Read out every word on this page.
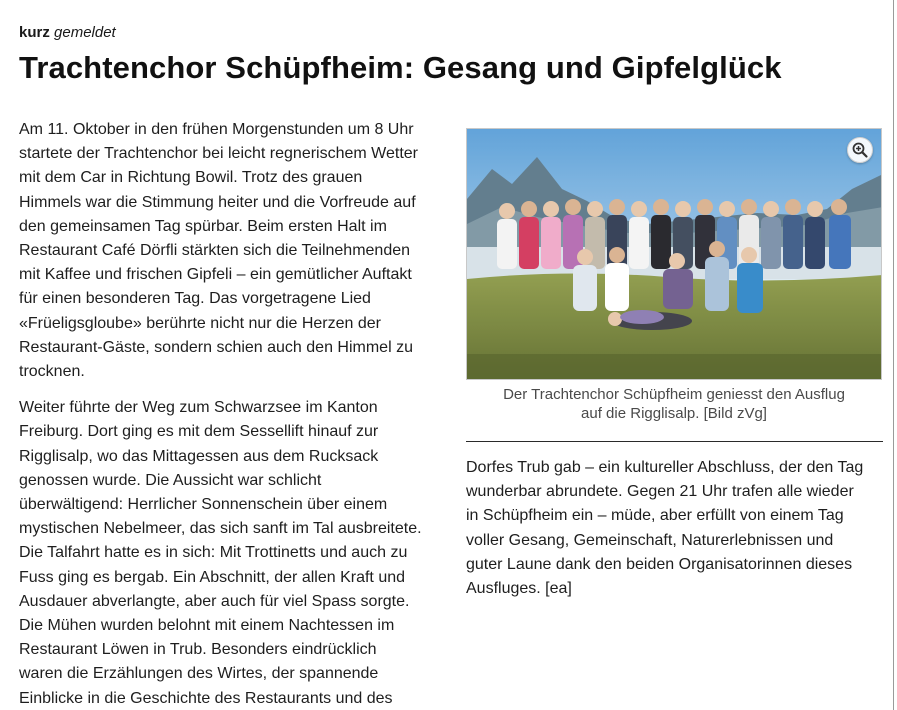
kurz gemeldet
Trachtenchor Schüpfheim: Gesang und Gipfelglück

Am 11. Oktober in den frühen Morgenstunden um 8 Uhr
startete der Trachtenchor bei leicht regnerischem Wetter
mit dem Car in Richtung Bowil. Trotz des grauen
Himmels war die Stimmung heiter und die Vorfreude auf
den gemeinsamen Tag spürbar. Beim ersten Halt im
Restaurant Café Dörfli stärkten sich die Teilnehmenden
mit Kaffee und frischen Gipfeli – ein gemütlicher Auftakt
für einen besonderen Tag. Das vorgetragene Lied
«Früeligsgloube» berührte nicht nur die Herzen der
Restaurant-Gäste, sondern schien auch den Himmel zu
trocknen.

Weiter führte der Weg zum Schwarzsee im Kanton
Freiburg. Dort ging es mit dem Sessellift hinauf zur
Rigglisalp, wo das Mittagessen aus dem Rucksack
genossen wurde. Die Aussicht war schlicht
überwältigend: Herrlicher Sonnenschein über einem
mystischen Nebelmeer, das sich sanft im Tal ausbreitete.
Die Talfahrt hatte es in sich: Mit Trottinetts und auch zu
Fuss ging es bergab. Ein Abschnitt, der allen Kraft und
Ausdauer abverlangte, aber auch für viel Spass sorgte.
Die Mühen wurden belohnt mit einem Nachtessen im
Restaurant Löwen in Trub. Besonders eindrücklich
waren die Erzählungen des Wirtes, der spannende
Einblicke in die Geschichte des Restaurants und des

Der Trachtenchor Schüpfheim geniesst den Ausflug
auf die Rigglisalp. [Bild zVg]

Dorfes Trub gab – ein kultureller Abschluss, der den Tag
wunderbar abrundete. Gegen 21 Uhr trafen alle wieder
in Schüpfheim ein – müde, aber erfüllt von einem Tag
voller Gesang, Gemeinschaft, Naturerlebnissen und
guter Laune dank den beiden Organisatorinnen dieses
Ausfluges. [ea]
